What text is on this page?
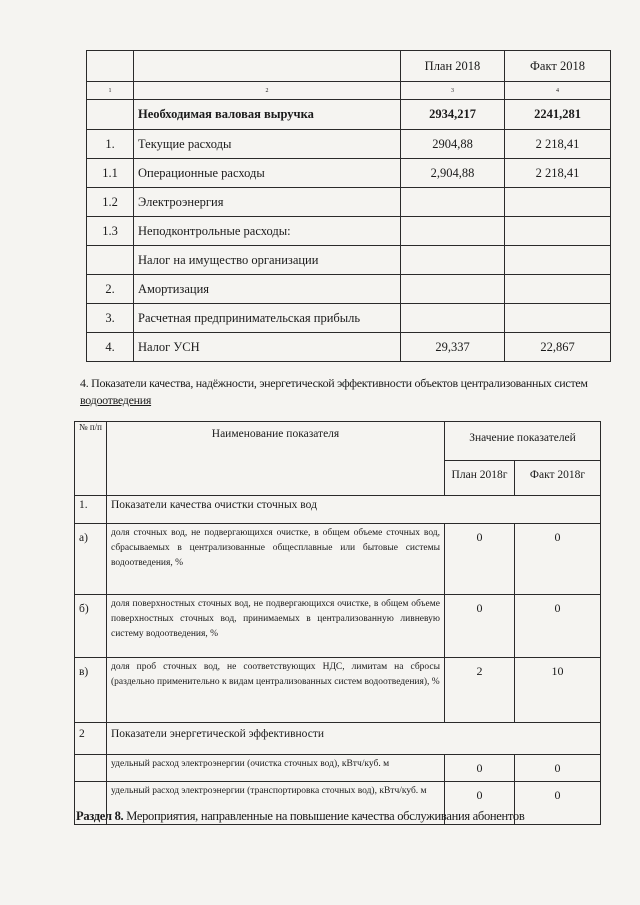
		План 2018	Факт 2018
1	2	3	4
	Необходимая валовая выручка	2934,217	2241,281
1.	Текущие расходы	2904,88	2 218,41
1.1	Операционные расходы	2,904,88	2 218,41
1.2	Электроэнергия		
1.3	Неподконтрольные расходы:		
	Налог на имущество организации		
2.	Амортизация		
3.	Расчетная предпринимательская прибыль		
4.	Налог УСН	29,337	22,867
4. Показатели качества, надёжности, энергетической эффективности объектов централизованных систем
водоотведения
№ п/п	Наименование показателя	Значение показателей	
		План 2018г	Факт 2018г
1.	Показатели качества очистки сточных вод		
а)	доля сточных вод, не подвергающихся очистке, в общем объеме сточных вод, сбрасываемых в централизованные общесплавные или бытовые системы водоотведения, %	0	0
б)	доля поверхностных сточных вод, не подвергающихся очистке, в общем объеме поверхностных сточных вод, принимаемых в централизованную ливневую систему водоотведения, %	0	0
в)	доля проб сточных вод, не соответствующих НДС, лимитам на сбросы (раздельно применительно к видам централизованных систем водоотведения), %	2	10
2	Показатели энергетической эффективности		
	удельный расход электроэнергии (очистка сточных вод), кВтч/куб. м	0	0
	удельный расход электроэнергии (транспортировка сточных вод), кВтч/куб. м	0	0
Раздел 8. Мероприятия, направленные на повышение качества обслуживания абонентов
